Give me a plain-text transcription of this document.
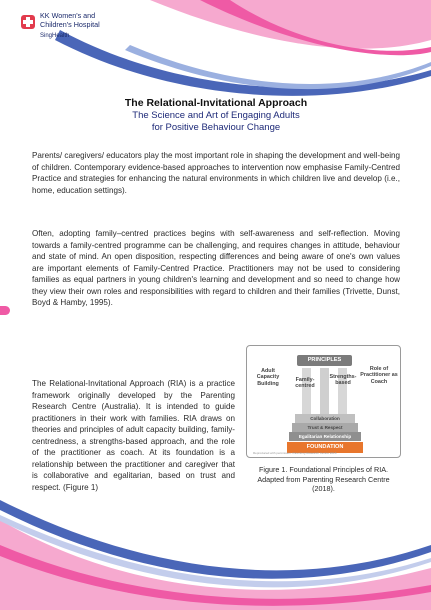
KK Women's and
Children's Hospital
SingHealth
The Relational-Invitational Approach
The Science and Art of Engaging Adults
for Positive Behaviour Change

Parents/ caregivers/ educators play the most important role in shaping the development and well-being of children. Contemporary evidence-based approaches to intervention now emphasise Family-Centred Practice and strategies for enhancing the natural environments in which children live and develop (i.e., home, education settings).

Often, adopting family–centred practices begins with self-awareness and self-reflection. Moving towards a family-centred programme can be challenging, and requires changes in attitude, behaviour and state of mind. An open disposition, respecting differences and being aware of one's own values are important elements of Family-Centred Practice. Practitioners may not be used to considering families as equal partners in young children's learning and development and so need to change how they view their own roles and responsibilities with regard to children and their families (Trivette, Dunst, Boyd & Hamby, 1995).

The Relational-Invitational Approach (RIA) is a practice framework originally developed by the Parenting Research Centre (Australia). It is intended to guide practitioners in their work with families. RIA draws on theories and principles of adult capacity building, family-centredness, a strengths-based approach, and the role of the practitioner as coach. At its foundation is a relationship between the practitioner and caregiver that is collaborative and egalitarian, based on trust and respect. (Figure 1)

PRINCIPLES
Adult Capacity Building
Family-centred
Strengths-based
Role of Practitioner as Coach
Collaboration
Trust & Respect
Egalitarian Relationship
FOUNDATION
Reproduced with permission. Parenting Research Centre 2018
Figure 1. Foundational Principles of RIA.
Adapted from Parenting Research Centre
(2018).
